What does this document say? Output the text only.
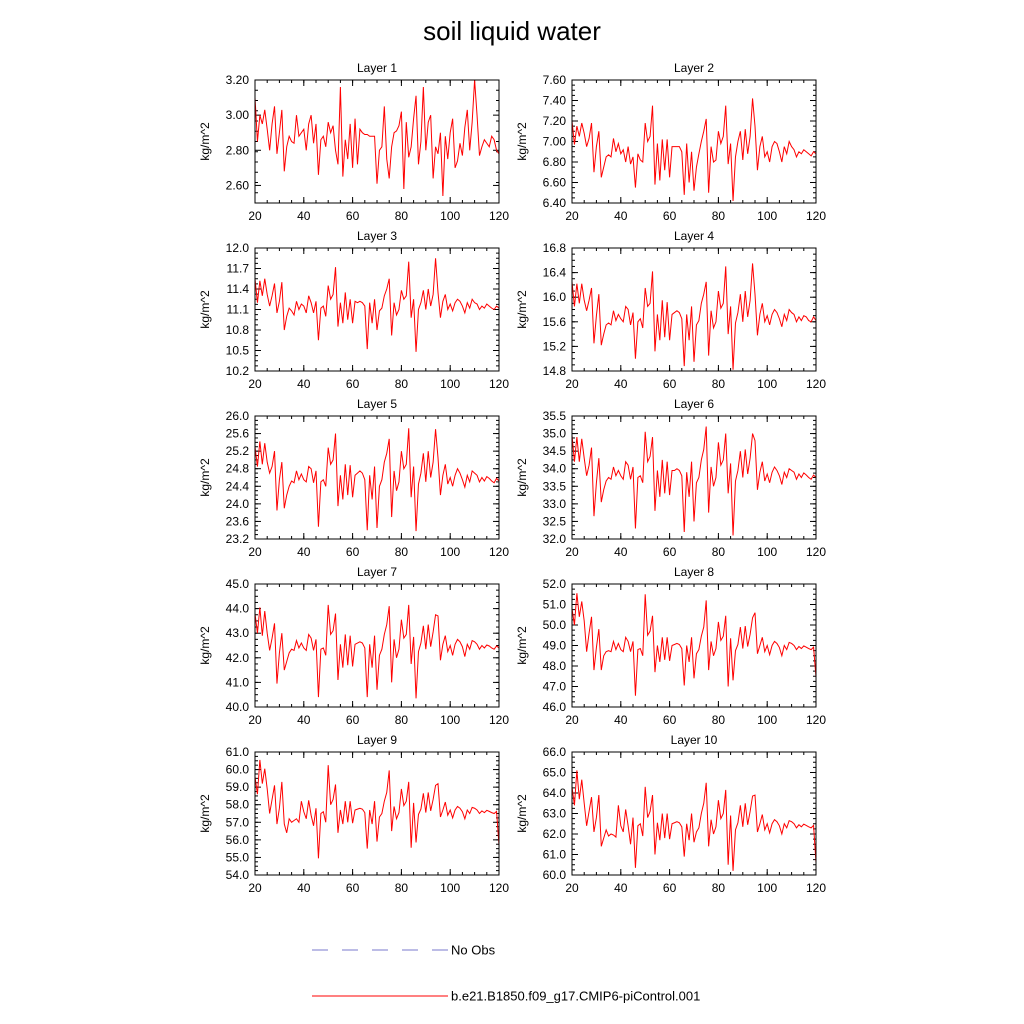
soil liquid water
Layer 1
kg/m^2
20	40	60	80	100 120
2.60
2.80
3.00
3.20
Layer 2
kg/m^2
20	40	60	80	100 120
6.40
6.60
6.80
7.00
7.20
7.40
7.60
Layer 3
kg/m^2
20	40	60	80	100 120
10.2
10.5
10.8
11.1
11.4
11.7
12.0
Layer 4
kg/m^2
20	40	60	80	100 120
14.8
15.2
15.6
16.0
16.4
16.8
Layer 5
kg/m^2
20	40	60	80	100 120
23.2
23.6
24.0
24.4
24.8
25.2
25.6
26.0
Layer 6
kg/m^2
20	40	60	80	100 120
32.0
32.5
33.0
33.5
34.0
34.5
35.0
35.5
Layer 7
kg/m^2
20	40	60	80	100 120
40.0
41.0
42.0
43.0
44.0
45.0
Layer 8
kg/m^2
20	40	60	80	100 120
46.0
47.0
48.0
49.0
50.0
51.0
52.0
Layer 9
kg/m^2
20	40	60	80	100 120
54.0
55.0
56.0
57.0
58.0
59.0
60.0
61.0
Layer 10
kg/m^2
20	40	60	80	100 120
60.0
61.0
62.0
63.0
64.0
65.0
66.0
No Obs
b.e21.B1850.f09_g17.CMIP6-piControl.001
